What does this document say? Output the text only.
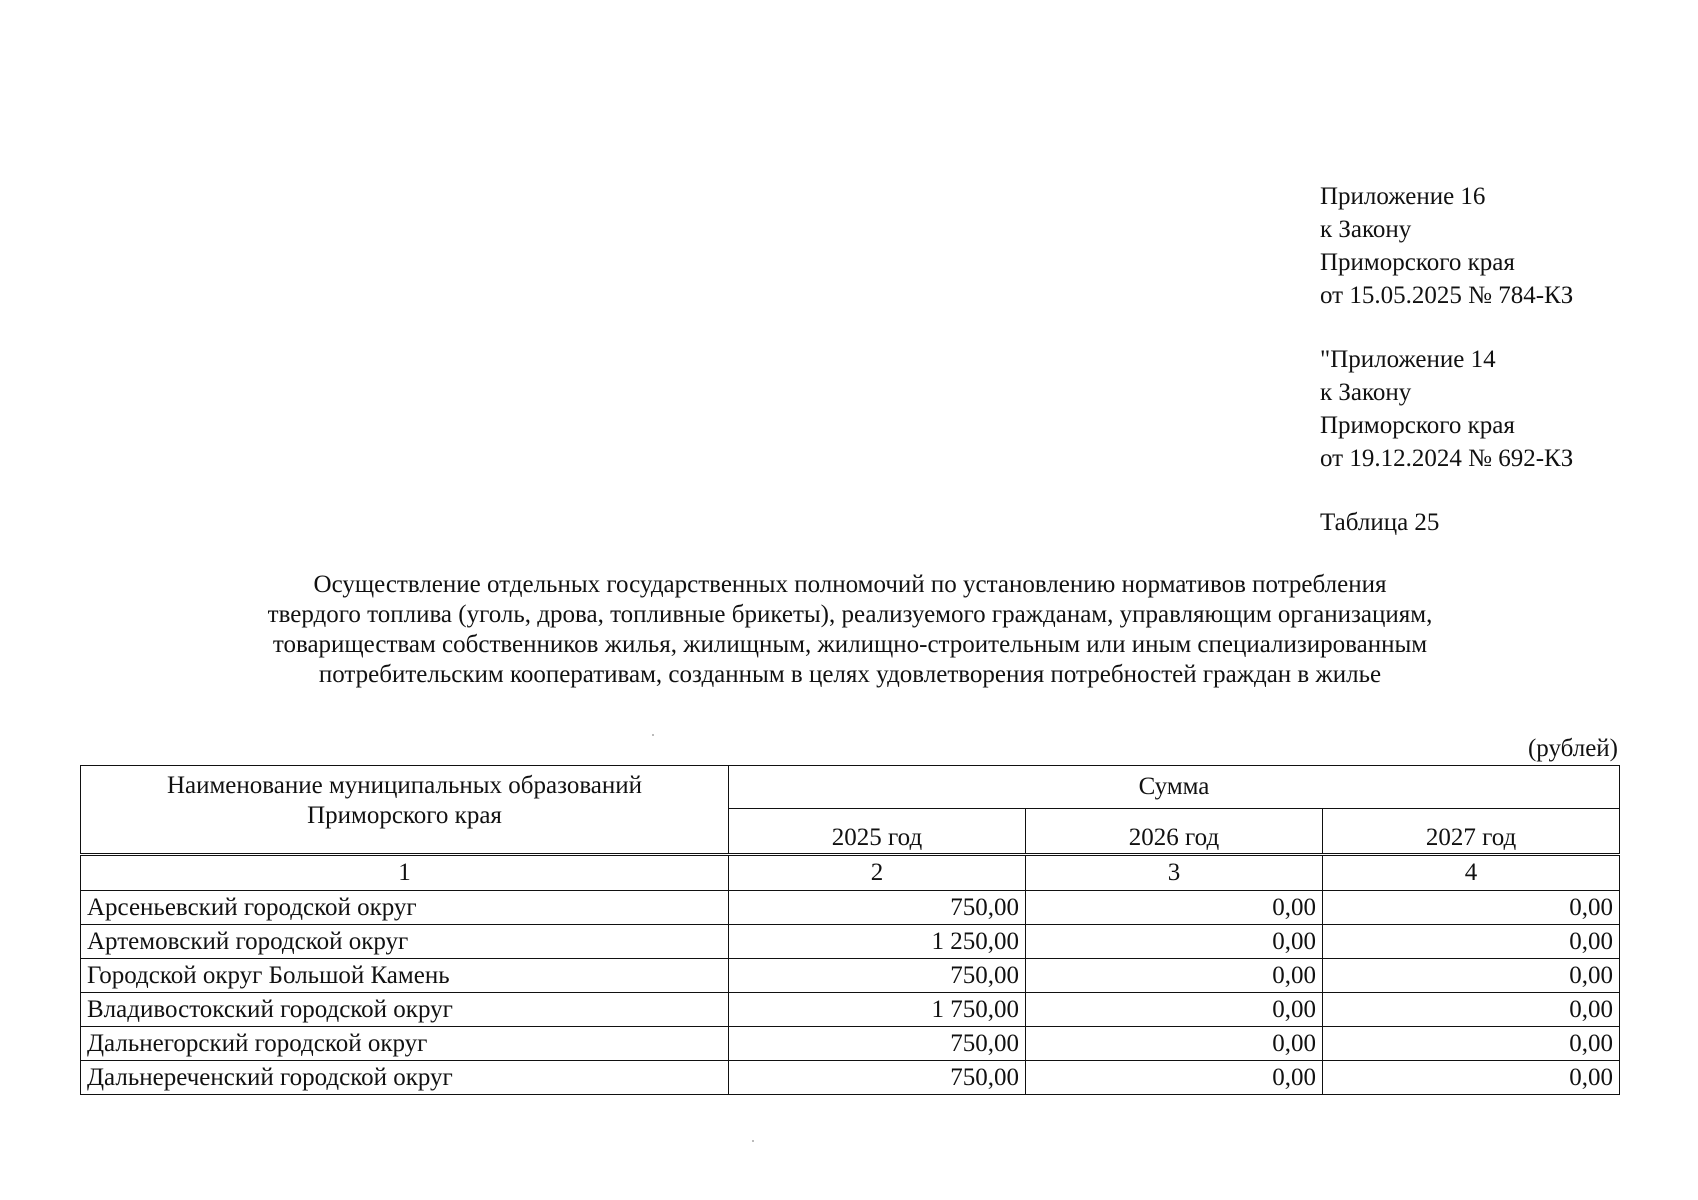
Приложение 16
к Закону
Приморского края
от 15.05.2025 № 784-КЗ
"Приложение 14
к Закону
Приморского края
от 19.12.2024 № 692-КЗ
Таблица 25
Осуществление отдельных государственных полномочий по установлению нормативов потребления
твердого топлива (уголь, дрова, топливные брикеты), реализуемого гражданам, управляющим организациям,
товариществам собственников жилья, жилищным, жилищно-строительным или иным специализированным
потребительским кооперативам, созданным в целях удовлетворения потребностей граждан в жилье
(рублей)
Наименование муниципальных образований
Приморского края	Сумма		
	2025 год	2026 год	2027 год
1	2	3	4
Арсеньевский городской округ	750,00	0,00	0,00
Артемовский городской округ	1 250,00	0,00	0,00
Городской округ Большой Камень	750,00	0,00	0,00
Владивостокский городской округ	1 750,00	0,00	0,00
Дальнегорский городской округ	750,00	0,00	0,00
Дальнереченский городской округ	750,00	0,00	0,00
